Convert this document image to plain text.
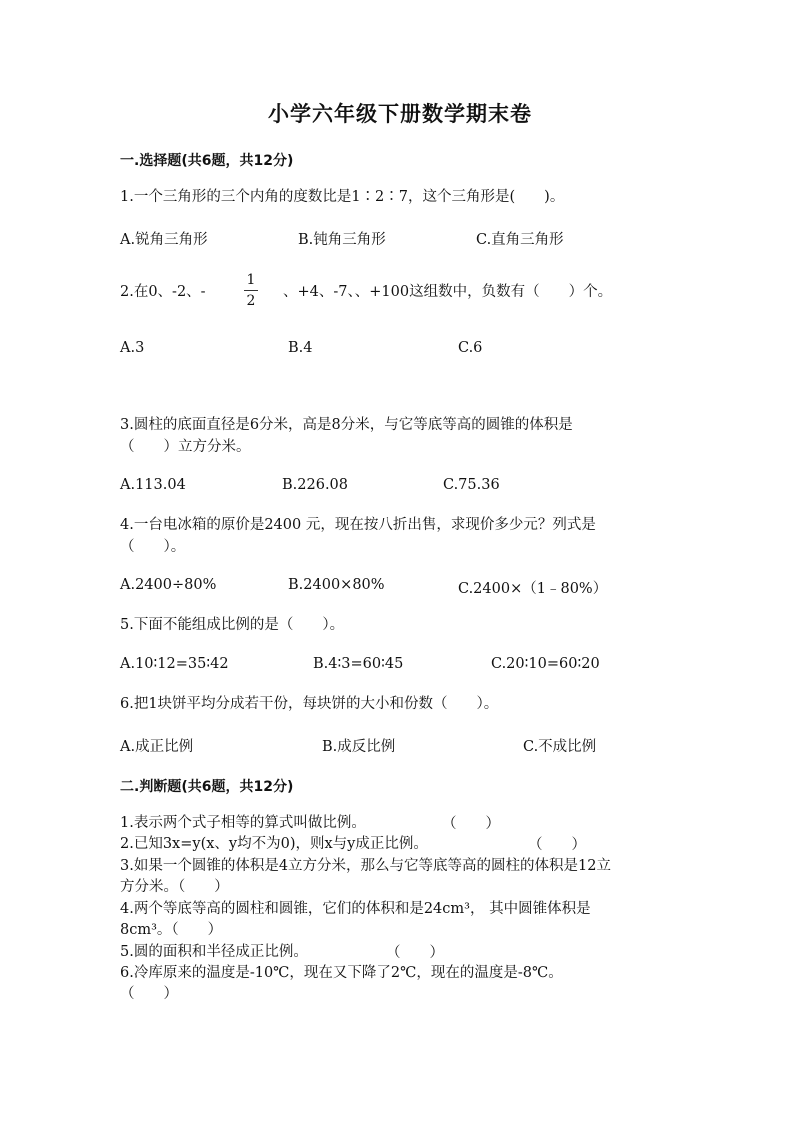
小学六年级下册数学期末卷
一.选择题(共6题，共12分)
1.一个三角形的三个内角的度数比是1∶2∶7，这个三角形是(　　)。
A.锐角三角形	B.钝角三角形	C.直角三角形
2.在0、-2、-
1
2
、+4、-7、、+100这组数中，负数有（　　）个。
A.3	B.4	C.6
3.圆柱的底面直径是6分米，高是8分米，与它等底等高的圆锥的体积是
（　　）立方分米。
A.113.04	B.226.08	C.75.36
4.一台电冰箱的原价是2400 元，现在按八折出售，求现价多少元？列式是
（　　）。
A.2400÷80%	B.2400×80%	C.2400×（1﹣80%）
5.下面不能组成比例的是（　　）。
A.10∶12=35∶42	B.4∶3=60∶45	C.20∶10=60∶20
6.把1块饼平均分成若干份，每块饼的大小和份数（　　）。
A.成正比例	B.成反比例	C.不成比例
二.判断题(共6题，共12分)
1.表示两个式子相等的算式叫做比例。	（　　）
2.已知3x=y(x、y均不为0)，则x与y成正比例。	（　　）
3.如果一个圆锥的体积是4立方分米，那么与它等底等高的圆柱的体积是12立
方分米。（　　）
4.两个等底等高的圆柱和圆锥，它们的体积和是24cm³， 其中圆锥体积是
8cm³。（　　）
5.圆的面积和半径成正比例。	（　　）
6.冷库原来的温度是-10℃，现在又下降了2℃，现在的温度是-8℃。
（　　）
